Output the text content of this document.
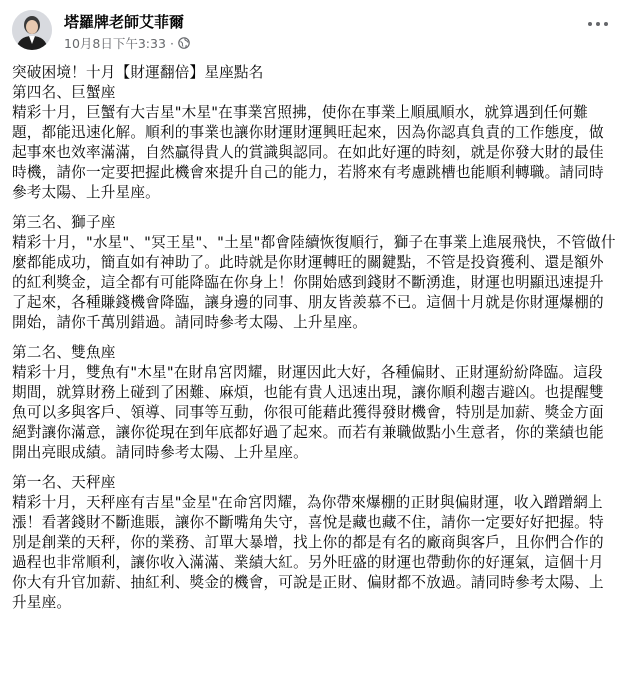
塔羅牌老師艾菲爾
10月8日下午3:33 ·

突破困境！十月【財運翻倍】星座點名

第四名、巨蟹座

精彩十月，巨蟹有大吉星"木星"在事業宮照拂，使你在事業上順風順水，就算遇到任何難題，都能迅速化解。順利的事業也讓你財運財運興旺起來，因為你認真負責的工作態度，做起事來也效率滿滿，自然贏得貴人的賞識與認同。在如此好運的時刻，就是你發大財的最佳時機，請你一定要把握此機會來提升自己的能力，若將來有考慮跳槽也能順利轉職。請同時參考太陽、上升星座。

第三名、獅子座

精彩十月，"水星"、"冥王星"、"土星"都會陸續恢復順行，獅子在事業上進展飛快，不管做什麼都能成功，簡直如有神助了。此時就是你財運轉旺的關鍵點，不管是投資獲利、還是額外的紅利獎金，這全都有可能降臨在你身上！你開始感到錢財不斷湧進，財運也明顯迅速提升了起來，各種賺錢機會降臨，讓身邊的同事、朋友皆羨慕不已。這個十月就是你財運爆棚的開始，請你千萬別錯過。請同時參考太陽、上升星座。

第二名、雙魚座

精彩十月，雙魚有"木星"在財帛宮閃耀，財運因此大好，各種偏財、正財運紛紛降臨。這段期間，就算財務上碰到了困難、麻煩，也能有貴人迅速出現，讓你順利趨吉避凶。也提醒雙魚可以多與客戶、領導、同事等互動，你很可能藉此獲得發財機會，特別是加薪、獎金方面絕對讓你滿意，讓你從現在到年底都好過了起來。而若有兼職做點小生意者，你的業績也能開出亮眼成績。請同時參考太陽、上升星座。

第一名、天秤座

精彩十月，天秤座有吉星"金星"在命宮閃耀，為你帶來爆棚的正財與偏財運，收入蹭蹭網上漲！看著錢財不斷進賬，讓你不斷嘴角失守，喜悅是藏也藏不住，請你一定要好好把握。特別是創業的天秤，你的業務、訂單大暴增，找上你的都是有名的廠商與客戶，且你們合作的過程也非常順利，讓你收入滿滿、業績大紅。另外旺盛的財運也帶動你的好運氣，這個十月你大有升官加薪、抽紅利、獎金的機會，可說是正財、偏財都不放過。請同時參考太陽、上升星座。
